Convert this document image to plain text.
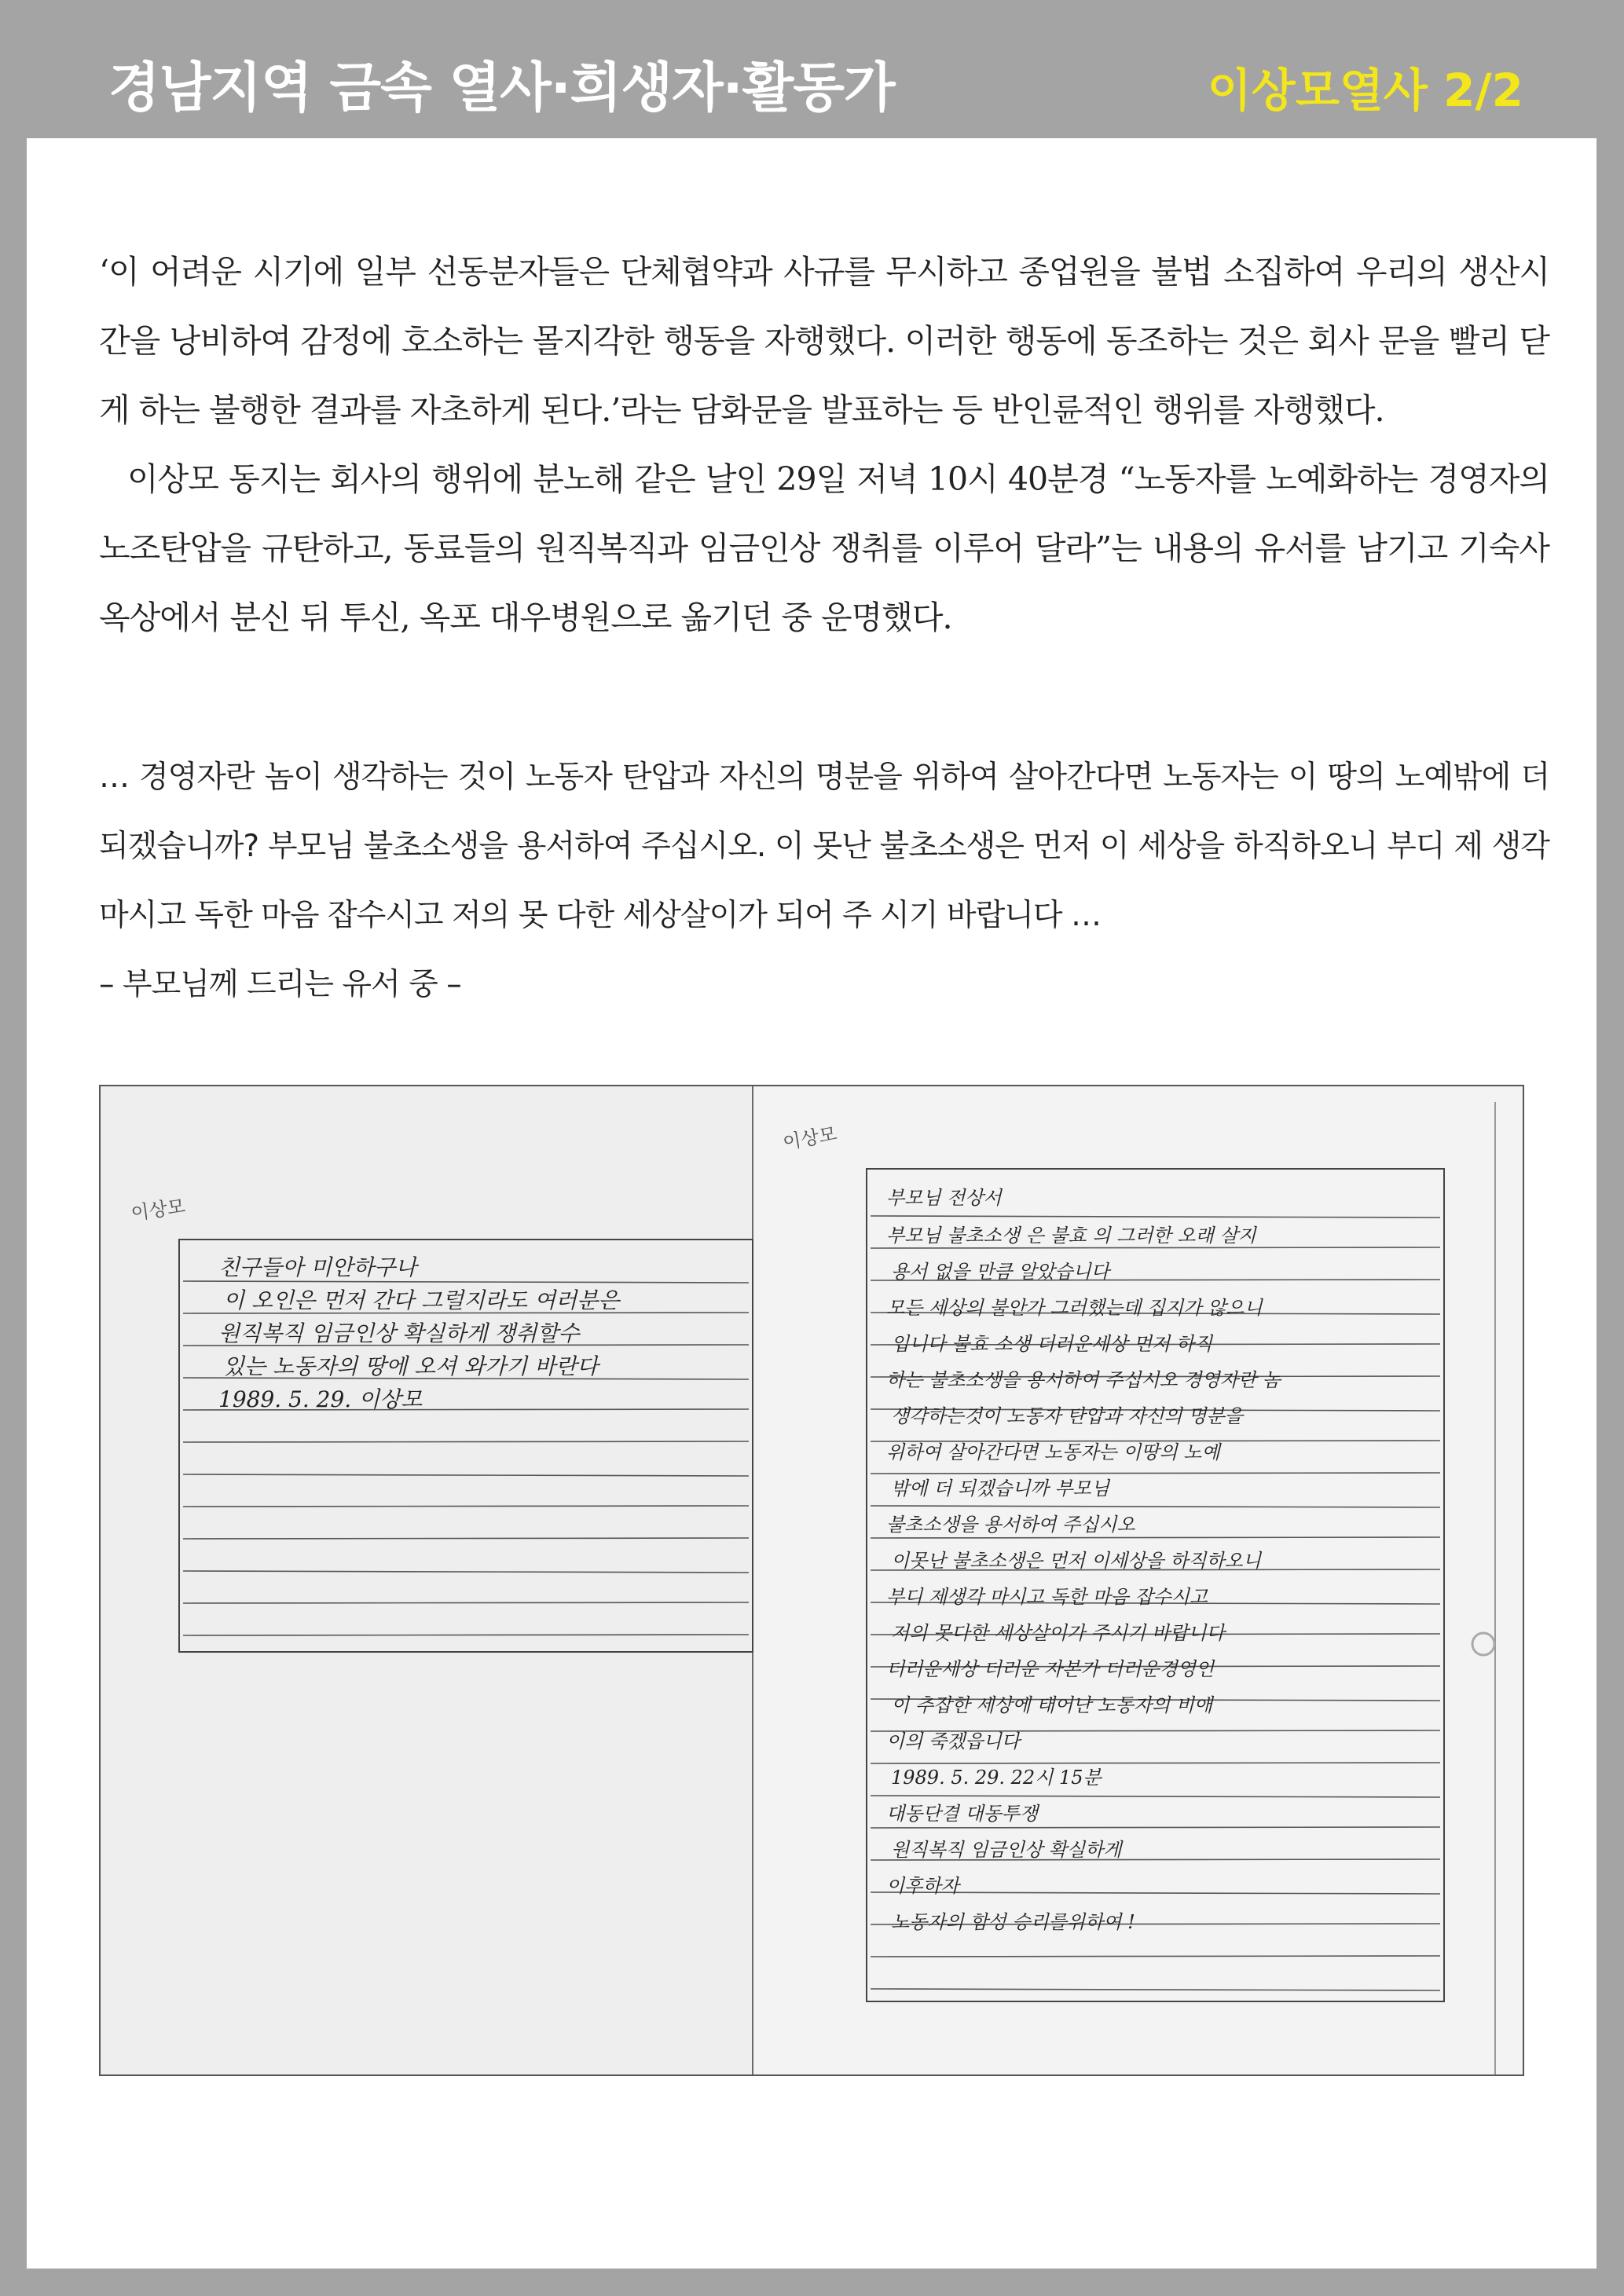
경남지역 금속 열사·희생자·활동가	이상모열사 2/2

‘이 어려운 시기에 일부 선동분자들은 단체협약과 사규를 무시하고 종업원을 불법 소집하여 우리의 생산시간을 낭비하여 감정에 호소하는 몰지각한 행동을 자행했다. 이러한 행동에 동조하는 것은 회사 문을 빨리 닫게 하는 불행한 결과를 자초하게 된다.’라는 담화문을 발표하는 등 반인륜적인 행위를 자행했다.

이상모 동지는 회사의 행위에 분노해 같은 날인 29일 저녁 10시 40분경 “노동자를 노예화하는 경영자의 노조탄압을 규탄하고, 동료들의 원직복직과 임금인상 쟁취를 이루어 달라”는 내용의 유서를 남기고 기숙사 옥상에서 분신 뒤 투신, 옥포 대우병원으로 옮기던 중 운명했다.

… 경영자란 놈이 생각하는 것이 노동자 탄압과 자신의 명분을 위하여 살아간다면 노동자는 이 땅의 노예밖에 더 되겠습니까? 부모님 불초소생을 용서하여 주십시오. 이 못난 불초소생은 먼저 이 세상을 하직하오니 부디 제 생각 마시고 독한 마음 잡수시고 저의 못 다한 세상살이가 되어 주 시기 바랍니다 …

– 부모님께 드리는 유서 중 –

이상모
친구들아 미안하구나
이 오인은 먼저 간다 그럴지라도 여러분은
원직복직 임금인상 확실하게 쟁취할수
있는 노동자의 땅에 오셔 와가기 바란다
1989. 5. 29. 이상모
이상모
부모님 전상서
부모님 불초소생 은 불효 의 그러한 오래 살지
용서 없을 만큼 알았습니다
모든 세상의 불안가 그러했는데 집지가 않으니
입니다 불효 소생 더러운세상 먼저 하직
하는 불초소생을 용서하여 주십시오 경영자란 놈
생각하는것이 노동자 탄압과 자신의 명분을
위하여 살아간다면 노동자는 이땅의 노예
밖에 더 되겠습니까 부모님
불초소생을 용서하여 주십시오
이못난 불초소생은 먼저 이세상을 하직하오니
부디 제생각 마시고 독한 마음 잡수시고
저의 못다한 세상살이가 주시기 바랍니다
더러운세상 더러운 자본가 더러운경영인
이 추잡한 세상에 태어난 노동자의 비애
이의 죽겠읍니다
1989. 5. 29. 22시 15분
대동단결 대동투쟁
원직복직 임금인상 확실하게
이후하자
노동자의 함성 승리를위하여 !
